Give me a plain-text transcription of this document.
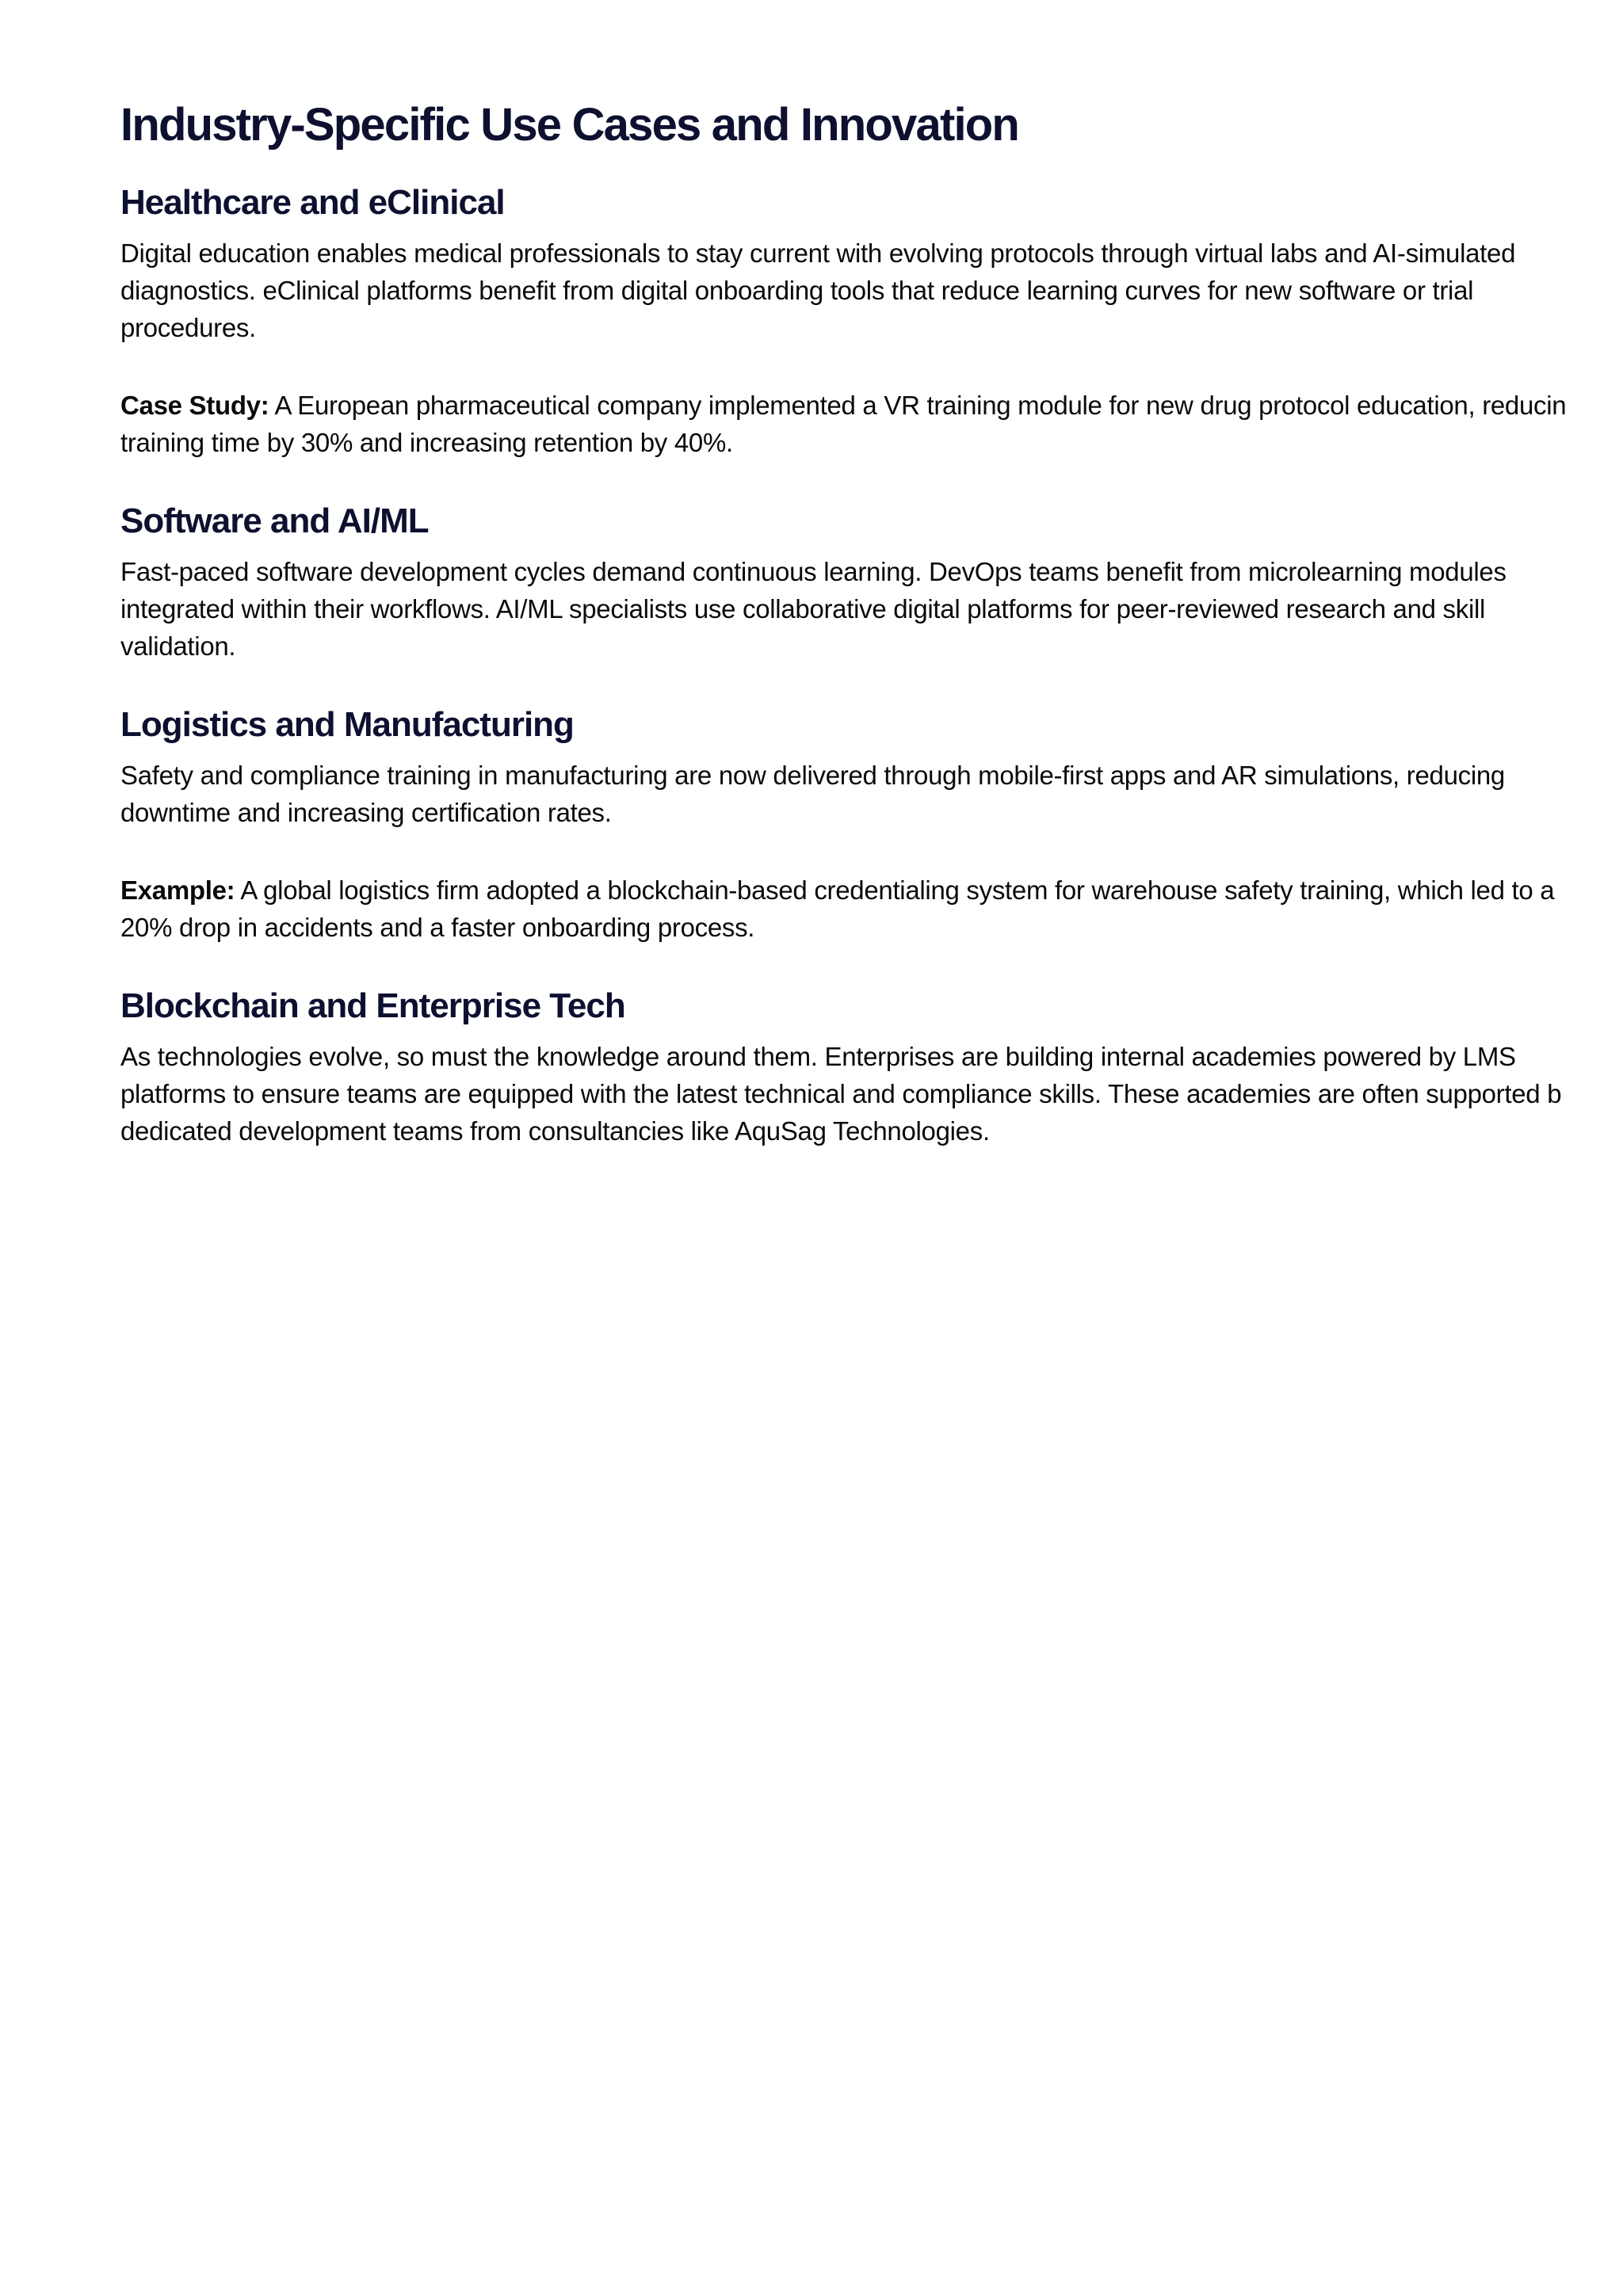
Industry-Specific Use Cases and Innovation
Healthcare and eClinical
Digital education enables medical professionals to stay current with evolving protocols through virtual labs and AI-simulated
diagnostics. eClinical platforms benefit from digital onboarding tools that reduce learning curves for new software or trial
procedures.
Case Study: A European pharmaceutical company implemented a VR training module for new drug protocol education, reducin
training time by 30% and increasing retention by 40%.
Software and AI/ML
Fast-paced software development cycles demand continuous learning. DevOps teams benefit from microlearning modules
integrated within their workflows. AI/ML specialists use collaborative digital platforms for peer-reviewed research and skill
validation.
Logistics and Manufacturing
Safety and compliance training in manufacturing are now delivered through mobile-first apps and AR simulations, reducing
downtime and increasing certification rates.
Example: A global logistics firm adopted a blockchain-based credentialing system for warehouse safety training, which led to a
20% drop in accidents and a faster onboarding process.
Blockchain and Enterprise Tech
As technologies evolve, so must the knowledge around them. Enterprises are building internal academies powered by LMS
platforms to ensure teams are equipped with the latest technical and compliance skills. These academies are often supported b
dedicated development teams from consultancies like AquSag Technologies.
